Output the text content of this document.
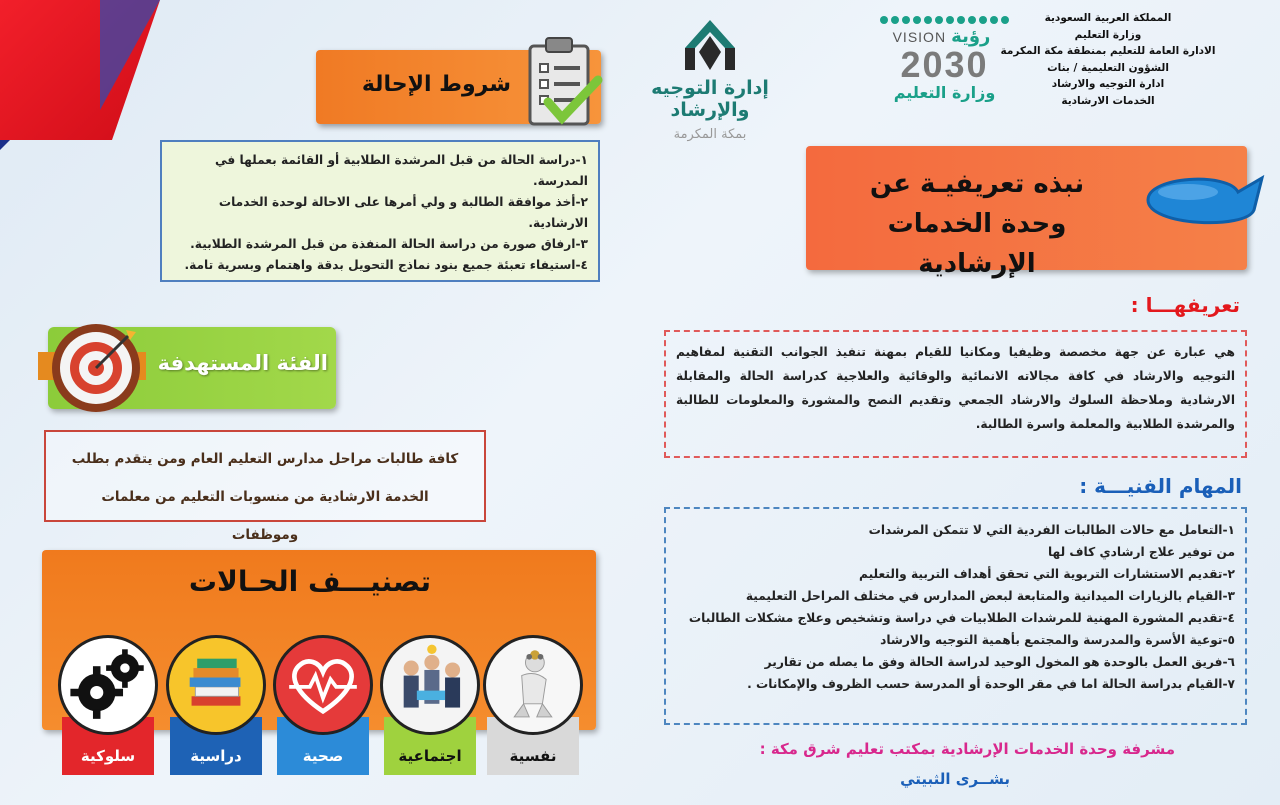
المملكة العربية السعودية
وزارة التعليم
الادارة العامة للتعليم بمنطقة مكة المكرمة
الشؤون التعليمية / بنات
ادارة التوجيه والارشاد
الخدمات الارشادية
VISION رؤية
2030
وزارة التعليم
إدارة التوجيه والإرشاد
بمكة المكرمة
شروط الإحالة
١-دراسة الحالة من قبل المرشدة الطلابية أو القائمة بعملها في المدرسة.
٢-أخذ موافقة الطالبة و ولي أمرها على الاحالة لوحدة الخدمات الارشادية.
٣-ارفاق صورة من دراسة الحالة المنفذة من قبل المرشدة الطلابية.
٤-استيفاء تعبئة جميع بنود نماذج التحويل بدقة واهتمام وبسرية تامة.
نبذه تعريفيـة عن
وحدة الخدمات الإرشادية
تعريفهـــا :
هي عبارة عن جهة مخصصة وظيفيا ومكانيا للقيام بمهنة تنفيذ الجوانب التقنية لمفاهيم التوجيه والارشاد في كافة مجالاته الانمائية والوقائية والعلاجية كدراسة الحالة والمقابلة الارشادية وملاحظة السلوك والارشاد الجمعي وتقديم النصح والمشورة والمعلومات للطالبة والمرشدة الطلابية والمعلمة واسرة الطالبة.
المهام الفنيـــة :
١-التعامل مع حالات الطالبات الفردية التي لا تتمكن المرشدات
من توفير علاج ارشادي كاف لها
٢-تقديم الاستشارات التربوية التي تحقق أهداف التربية والتعليم
٣-القيام بالزيارات الميدانية والمتابعة لبعض المدارس في مختلف المراحل التعليمية
٤-تقديم المشورة المهنية للمرشدات الطلابيات في دراسة وتشخيص وعلاج مشكلات الطالبات
٥-توعية الأسرة والمدرسة والمجتمع بأهمية التوجيه والارشاد
٦-فريق العمل بالوحدة هو المخول الوحيد لدراسة الحالة وفق ما يصله من تقارير
٧-القيام بدراسة الحالة اما في مقر الوحدة أو المدرسة حسب الظروف والإمكانات .
مشرفة وحدة الخدمات الإرشادية بمكتب تعليم شرق مكة :
بشــرى الثبيتي
الفئة المستهدفة
كافة طالبات مراحل مدارس التعليم العام ومن يتقدم بطلب
الخدمة الارشادية من منسوبات التعليم من معلمات وموظفات
تصنيـــف الحـالات
سلوكية	دراسية	صحية	اجتماعية	نفسية
